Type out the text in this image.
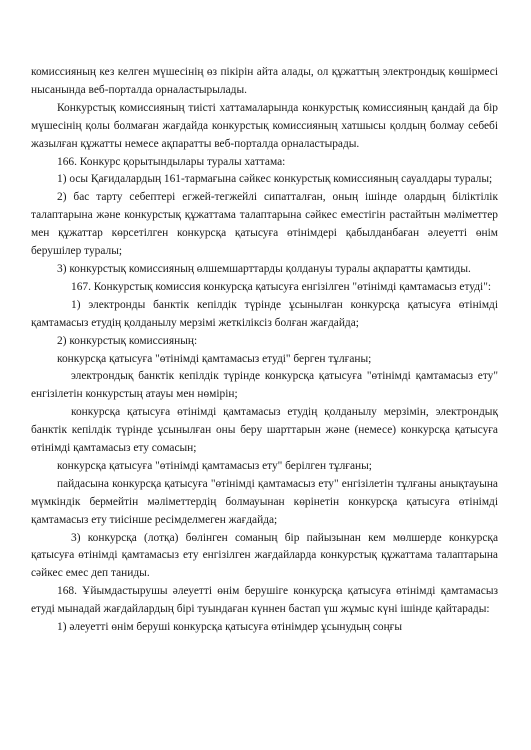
комиссияның кез келген мүшесінің өз пікірін айта алады, ол құжаттың электрондық көшірмесі нысанында веб-порталда орналастырылады.

Конкурстық комиссияның тиісті хаттамаларында конкурстық комиссияның қандай да бір мүшесінің қолы болмаған жағдайда конкурстық комиссияның хатшысы қолдың болмау себебі жазылған құжатты немесе ақпаратты веб-порталда орналастырады.

166. Конкурс қорытындылары туралы хаттама:

1) осы Қағидалардың 161-тармағына сәйкес конкурстық комиссияның сауалдары туралы;

2) бас тарту себептері егжей-тегжейлі сипатталған, оның ішінде олардың біліктілік талаптарына және конкурстық құжаттама талаптарына сәйкес еместігін растайтын мәліметтер мен құжаттар көрсетілген конкурсқа қатысуға өтінімдері қабылданбаған әлеуетті өнім берушілер туралы;

3) конкурстық комиссияның өлшемшарттарды қолдануы туралы ақпаратты қамтиды.

167. Конкурстық комиссия конкурсқа қатысуға енгізілген "өтінімді қамтамасыз етуді":

1) электронды банктік кепілдік түрінде ұсынылған конкурсқа қатысуға өтінімді қамтамасыз етудің қолданылу мерзімі жеткіліксіз болған жағдайда;

2) конкурстық комиссияның:

конкурсқа қатысуға "өтінімді қамтамасыз етуді" берген тұлғаны;

электрондық банктік кепілдік түрінде конкурсқа қатысуға "өтінімді қамтамасыз ету" енгізілетін конкурстың атауы мен нөмірін;

конкурсқа қатысуға өтінімді қамтамасыз етудің қолданылу мерзімін, электрондық банктік кепілдік түрінде ұсынылған оны беру шарттарын және (немесе) конкурсқа қатысуға өтінімді қамтамасыз ету сомасын;

конкурсқа қатысуға "өтінімді қамтамасыз ету" берілген тұлғаны;

пайдасына конкурсқа қатысуға "өтінімді қамтамасыз ету" енгізілетін тұлғаны анықтауына мүмкіндік бермейтін мәліметтердің болмауынан көрінетін конкурсқа қатысуға өтінімді қамтамасыз ету тиісінше ресімделмеген жағдайда;

3) конкурсқа (лотқа) бөлінген соманың бір пайызынан кем мөлшерде конкурсқа қатысуға өтінімді қамтамасыз ету енгізілген жағдайларда конкурстық құжаттама талаптарына сәйкес емес деп таниды.

168. Ұйымдастырушы әлеуетті өнім берушіге конкурсқа қатысуға өтінімді қамтамасыз етуді мынадай жағдайлардың бірі туындаған күннен бастап үш жұмыс күні ішінде қайтарады:

1) әлеуетті өнім беруші конкурсқа қатысуға өтінімдер ұсынудың соңғы
